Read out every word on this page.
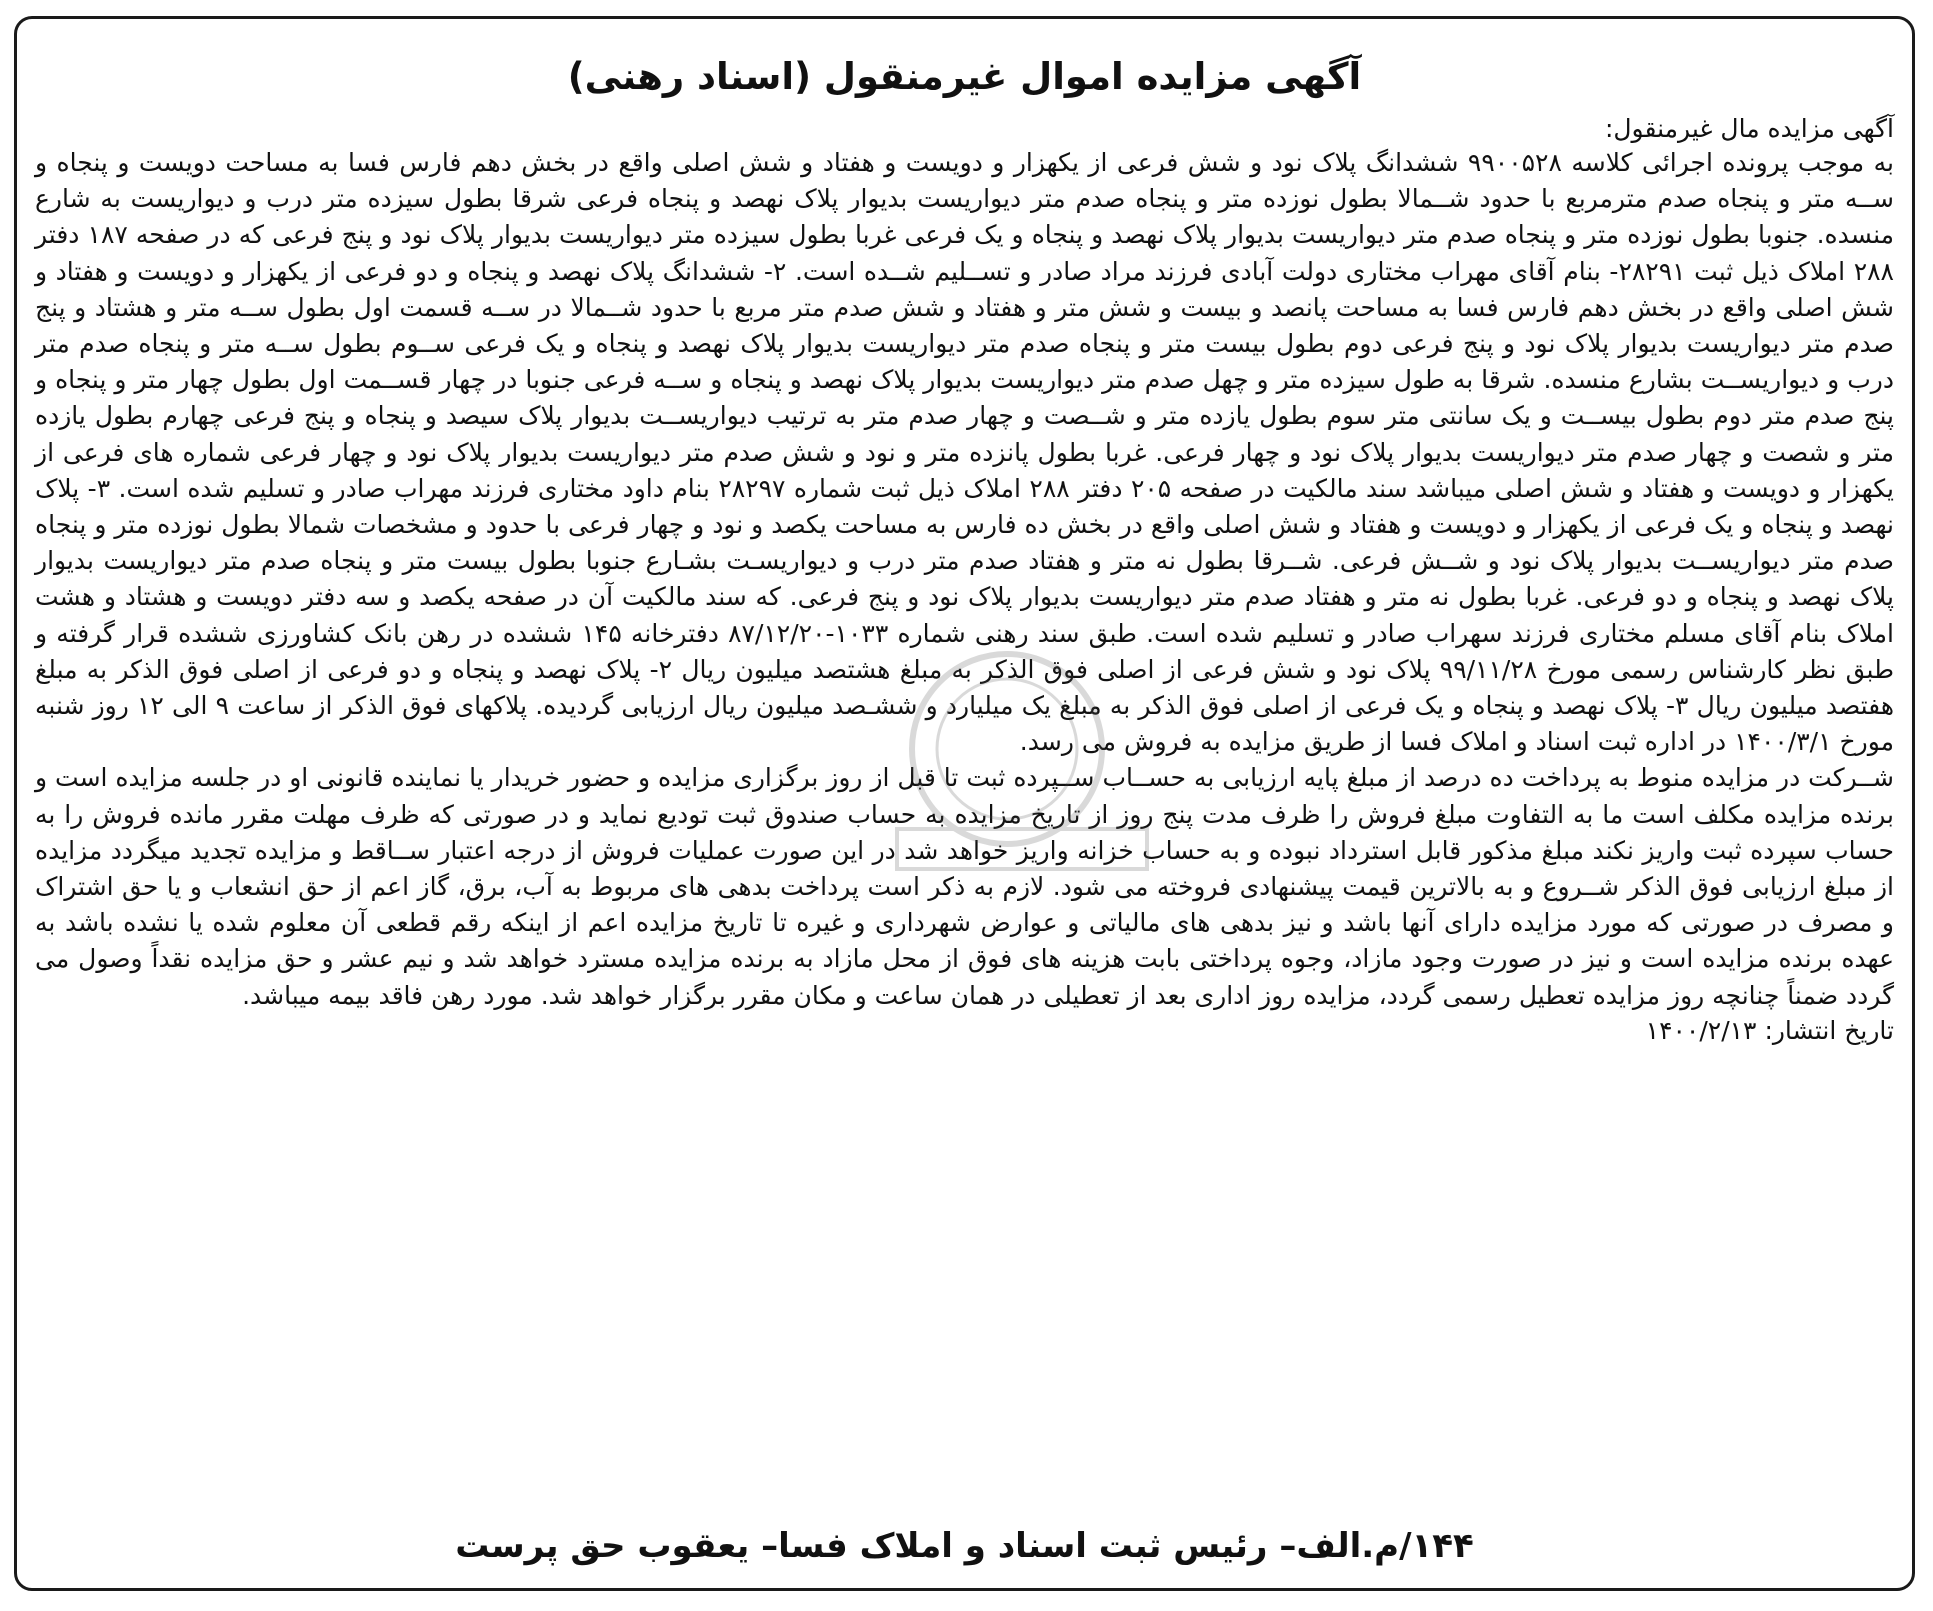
آگهی مزایده اموال غیرمنقول (اسناد رهنی)
آگهی مزایده مال غیرمنقول:
به موجب پرونده اجرائی کلاسه ۹۹۰۰۵۲۸ ششدانگ پلاک نود و شش فرعی از یکهزار و دویست و هفتاد و شش اصلی واقع در بخش دهم فارس فسا به مساحت دویست و پنجاه و ســه متر و پنجاه صدم مترمربع با حدود شــمالا بطول نوزده متر و پنجاه صدم متر دیواریست بدیوار پلاک نهصد و پنجاه فرعی شرقا بطول سیزده متر درب و دیواریست به شارع منسده. جنوبا بطول نوزده متر و پنجاه صدم متر دیواریست بدیوار پلاک نهصد و پنجاه و یک فرعی غربا بطول سیزده متر دیواریست بدیوار پلاک نود و پنج فرعی که در صفحه ۱۸۷ دفتر ۲۸۸ املاک ذیل ثبت ۲۸۲۹۱- بنام آقای مهراب مختاری دولت آبادی فرزند مراد صادر و تســلیم شــده است. ۲- ششدانگ پلاک نهصد و پنجاه و دو فرعی از یکهزار و دویست و هفتاد و شش اصلی واقع در بخش دهم فارس فسا به مساحت پانصد و بیست و شش متر و هفتاد و شش صدم متر مربع با حدود شــمالا در ســه قسمت اول بطول ســه متر و هشتاد و پنج صدم متر دیواریست بدیوار پلاک نود و پنج فرعی دوم بطول بیست متر و پنجاه صدم متر دیواریست بدیوار پلاک نهصد و پنجاه و یک فرعی ســوم بطول ســه متر و پنجاه صدم متر درب و دیواریســت بشارع منسده. شرقا به طول سیزده متر و چهل صدم متر دیواریست بدیوار پلاک نهصد و پنجاه و ســه فرعی جنوبا در چهار قســمت اول بطول چهار متر و پنجاه و پنج صدم متر دوم بطول بیســت و یک سانتی متر سوم بطول یازده متر و شــصت و چهار صدم متر به ترتیب دیواریســت بدیوار پلاک سیصد و پنجاه و پنج فرعی چهارم بطول یازده متر و شصت و چهار صدم متر دیواریست بدیوار پلاک نود و چهار فرعی. غربا بطول پانزده متر و نود و شش صدم متر دیواریست بدیوار پلاک نود و چهار فرعی شماره های فرعی از یکهزار و دویست و هفتاد و شش اصلی میباشد سند مالکیت در صفحه ۲۰۵ دفتر ۲۸۸ املاک ذیل ثبت شماره ۲۸۲۹۷ بنام داود مختاری فرزند مهراب صادر و تسلیم شده است. ۳- پلاک نهصد و پنجاه و یک فرعی از یکهزار و دویست و هفتاد و شش اصلی واقع در بخش ده فارس به مساحت یکصد و نود و چهار فرعی با حدود و مشخصات شمالا بطول نوزده متر و پنجاه صدم متر دیواریســت بدیوار پلاک نود و شــش فرعی. شــرقا بطول نه متر و هفتاد صدم متر درب و دیواریسـت بشـارع جنوبا بطول بیست متر و پنجاه صدم متر دیواریست بدیوار پلاک نهصد و پنجاه و دو فرعی. غربا بطول نه متر و هفتاد صدم متر دیواریست بدیوار پلاک نود و پنج فرعی. که سند مالکیت آن در صفحه یکصد و سه دفتر دویست و هشتاد و هشت املاک بنام آقای مسلم مختاری فرزند سهراب صادر و تسلیم شده است. طبق سند رهنی شماره ۱۰۳۳-۸۷/۱۲/۲۰ دفترخانه ۱۴۵ ششده در رهن بانک کشاورزی ششده قرار گرفته و طبق نظر کارشناس رسمی مورخ ۹۹/۱۱/۲۸ پلاک نود و شش فرعی از اصلی فوق الذکر به مبلغ هشتصد میلیون ریال ۲- پلاک نهصد و پنجاه و دو فرعی از اصلی فوق الذکر به مبلغ هفتصد میلیون ریال ۳- پلاک نهصد و پنجاه و یک فرعی از اصلی فوق الذکر به مبلغ یک میلیارد و ششـصد میلیون ریال ارزیابی گردیده. پلاکهای فوق الذکر از ساعت ۹ الی ۱۲ روز شنبه مورخ ۱۴۰۰/۳/۱ در اداره ثبت اسناد و املاک فسا از طریق مزایده به فروش می رسد.
شــرکت در مزایده منوط به پرداخت ده درصد از مبلغ پایه ارزیابی به حســاب ســپرده ثبت تا قبل از روز برگزاری مزایده و حضور خریدار یا نماینده قانونی او در جلسه مزایده است و برنده مزایده مکلف است ما به التفاوت مبلغ فروش را ظرف مدت پنج روز از تاریخ مزایده به حساب صندوق ثبت تودیع نماید و در صورتی که ظرف مهلت مقرر مانده فروش را به حساب سپرده ثبت واریز نکند مبلغ مذکور قابل استرداد نبوده و به حساب خزانه واریز خواهد شد در این صورت عملیات فروش از درجه اعتبار ســاقط و مزایده تجدید میگردد مزایده از مبلغ ارزیابی فوق الذکر شــروع و به بالاترین قیمت پیشنهادی فروخته می شود. لازم به ذکر است پرداخت بدهی های مربوط به آب، برق، گاز اعم از حق انشعاب و یا حق اشتراک و مصرف در صورتی که مورد مزایده دارای آنها باشد و نیز بدهی های مالیاتی و عوارض شهرداری و غیره تا تاریخ مزایده اعم از اینکه رقم قطعی آن معلوم شده یا نشده باشد به عهده برنده مزایده است و نیز در صورت وجود مازاد، وجوه پرداختی بابت هزینه های فوق از محل مازاد به برنده مزایده مسترد خواهد شد و نیم عشر و حق مزایده نقداً وصول می گردد ضمناً چنانچه روز مزایده تعطیل رسمی گردد، مزایده روز اداری بعد از تعطیلی در همان ساعت و مکان مقرر برگزار خواهد شد. مورد رهن فاقد بیمه میباشد.
تاریخ انتشار: ۱۴۰۰/۲/۱۳
۱۴۴/م.الف– رئیس ثبت اسناد و املاک فسا– یعقوب حق پرست
